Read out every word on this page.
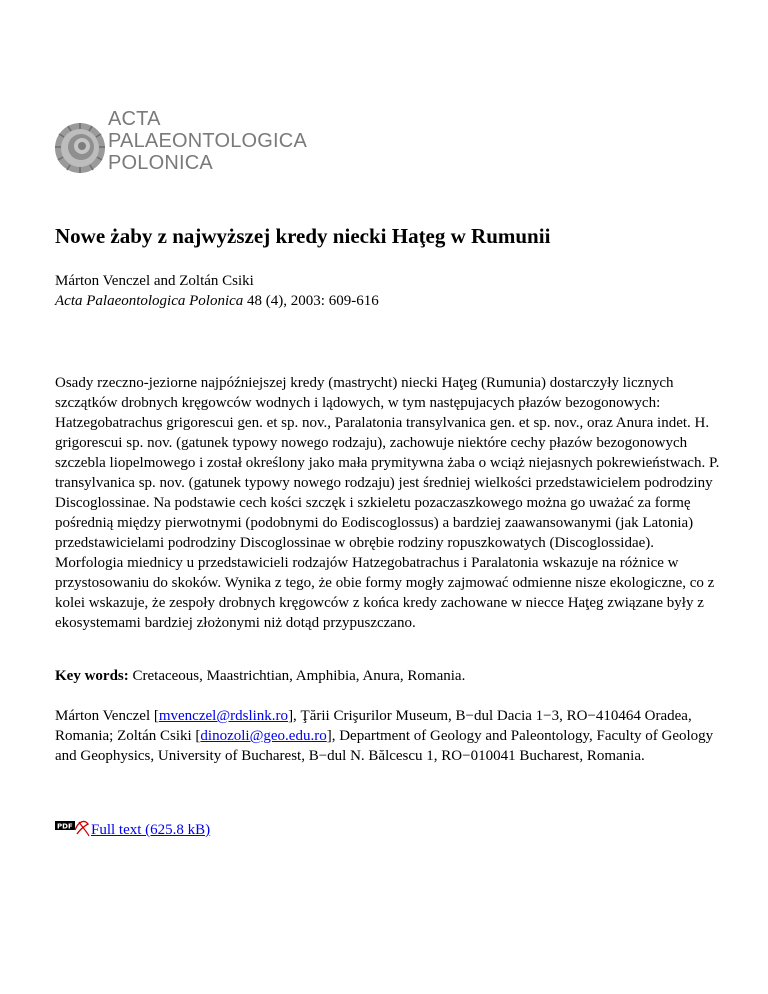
ACTA
PALAEONTOLOGICA
POLONICA
Nowe żaby z najwyższej kredy niecki Haţeg w Rumunii
Márton Venczel and Zoltán Csiki
Acta Palaeontologica Polonica 48 (4), 2003: 609-616

Osady rzeczno-jeziorne najpóźniejszej kredy (mastrycht) niecki Haţeg (Rumunia) dostarczyły licznych szczątków drobnych kręgowców wodnych i lądowych, w tym następujacych płazów bezogonowych: Hatzegobatrachus grigorescui gen. et sp. nov., Paralatonia transylvanica gen. et sp. nov., oraz Anura indet. H. grigorescui sp. nov. (gatunek typowy nowego rodzaju), zachowuje niektóre cechy płazów bezogonowych szczebla liopelmowego i został określony jako mała prymitywna żaba o wciąż niejasnych pokrewieństwach. P. transylvanica sp. nov. (gatunek typowy nowego rodzaju) jest średniej wielkości przedstawicielem podrodziny Discoglossinae. Na podstawie cech kości szczęk i szkieletu pozaczaszkowego można go uważać za formę pośrednią między pierwotnymi (podobnymi do Eodiscoglossus) a bardziej zaawansowanymi (jak Latonia) przedstawicielami podrodziny Discoglossinae w obrębie rodziny ropuszkowatych (Discoglossidae). Morfologia miednicy u przedstawicieli rodzajów Hatzegobatrachus i Paralatonia wskazuje na różnice w przystosowaniu do skoków. Wynika z tego, że obie formy mogły zajmować odmienne nisze ekologiczne, co z kolei wskazuje, że zespoły drobnych kręgowców z końca kredy zachowane w niecce Haţeg związane były z ekosystemami bardziej złożonymi niż dotąd przypuszczano.

Key words: Cretaceous, Maastrichtian, Amphibia, Anura, Romania.

Márton Venczel [mvenczel@rdslink.ro], Ţării Crişurilor Museum, B−dul Dacia 1−3, RO−410464 Oradea, Romania; Zoltán Csiki [dinozoli@geo.edu.ro], Department of Geology and Paleontology, Faculty of Geology and Geophysics, University of Bucharest, B−dul N. Bălcescu 1, RO−010041 Bucharest, Romania.

PDF Full text (625.8 kB)
